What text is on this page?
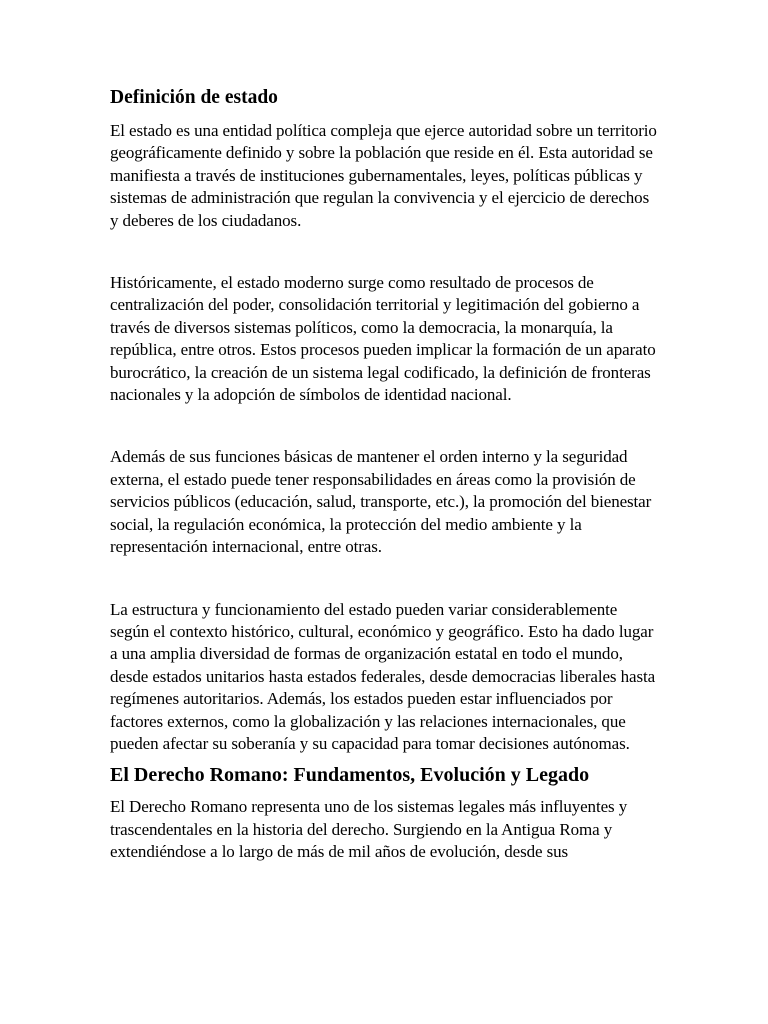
Definición de estado

El estado es una entidad política compleja que ejerce autoridad sobre un territorio geográficamente definido y sobre la población que reside en él. Esta autoridad se manifiesta a través de instituciones gubernamentales, leyes, políticas públicas y sistemas de administración que regulan la convivencia y el ejercicio de derechos y deberes de los ciudadanos.

Históricamente, el estado moderno surge como resultado de procesos de centralización del poder, consolidación territorial y legitimación del gobierno a través de diversos sistemas políticos, como la democracia, la monarquía, la república, entre otros. Estos procesos pueden implicar la formación de un aparato burocrático, la creación de un sistema legal codificado, la definición de fronteras nacionales y la adopción de símbolos de identidad nacional.

Además de sus funciones básicas de mantener el orden interno y la seguridad externa, el estado puede tener responsabilidades en áreas como la provisión de servicios públicos (educación, salud, transporte, etc.), la promoción del bienestar social, la regulación económica, la protección del medio ambiente y la representación internacional, entre otras.

La estructura y funcionamiento del estado pueden variar considerablemente según el contexto histórico, cultural, económico y geográfico. Esto ha dado lugar a una amplia diversidad de formas de organización estatal en todo el mundo, desde estados unitarios hasta estados federales, desde democracias liberales hasta regímenes autoritarios. Además, los estados pueden estar influenciados por factores externos, como la globalización y las relaciones internacionales, que pueden afectar su soberanía y su capacidad para tomar decisiones autónomas.

El Derecho Romano: Fundamentos, Evolución y Legado

El Derecho Romano representa uno de los sistemas legales más influyentes y trascendentales en la historia del derecho. Surgiendo en la Antigua Roma y extendiéndose a lo largo de más de mil años de evolución, desde sus
